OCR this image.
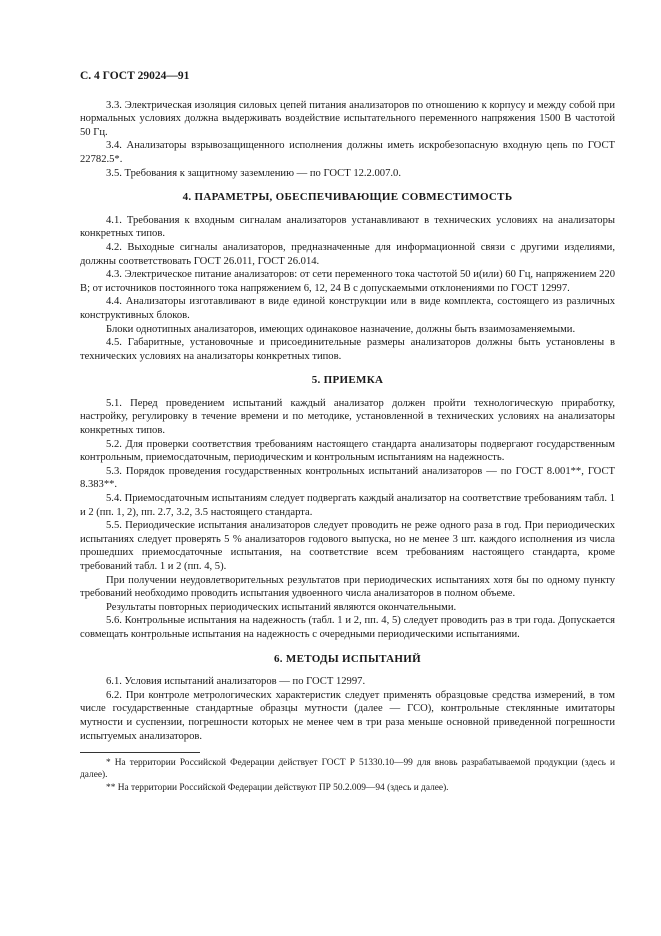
С. 4 ГОСТ 29024—91

3.3. Электрическая изоляция силовых цепей питания анализаторов по отношению к корпусу и между собой при нормальных условиях должна выдерживать воздействие испытательного переменного напряжения 1500 В частотой 50 Гц.

3.4. Анализаторы взрывозащищенного исполнения должны иметь искробезопасную входную цепь по ГОСТ 22782.5*.

3.5. Требования к защитному заземлению — по ГОСТ 12.2.007.0.

4. ПАРАМЕТРЫ, ОБЕСПЕЧИВАЮЩИЕ СОВМЕСТИМОСТЬ

4.1. Требования к входным сигналам анализаторов устанавливают в технических условиях на анализаторы конкретных типов.

4.2. Выходные сигналы анализаторов, предназначенные для информационной связи с другими изделиями, должны соответствовать ГОСТ 26.011, ГОСТ 26.014.

4.3. Электрическое питание анализаторов: от сети переменного тока частотой 50 и(или) 60 Гц, напряжением 220 В; от источников постоянного тока напряжением 6, 12, 24 В с допускаемыми отклонениями по ГОСТ 12997.

4.4. Анализаторы изготавливают в виде единой конструкции или в виде комплекта, состоящего из различных конструктивных блоков.

Блоки однотипных анализаторов, имеющих одинаковое назначение, должны быть взаимозаменяемыми.

4.5. Габаритные, установочные и присоединительные размеры анализаторов должны быть установлены в технических условиях на анализаторы конкретных типов.

5. ПРИЕМКА

5.1. Перед проведением испытаний каждый анализатор должен пройти технологическую приработку, настройку, регулировку в течение времени и по методике, установленной в технических условиях на анализаторы конкретных типов.

5.2. Для проверки соответствия требованиям настоящего стандарта анализаторы подвергают государственным контрольным, приемосдаточным, периодическим и контрольным испытаниям на надежность.

5.3. Порядок проведения государственных контрольных испытаний анализаторов — по ГОСТ 8.001**, ГОСТ 8.383**.

5.4. Приемосдаточным испытаниям следует подвергать каждый анализатор на соответствие требованиям табл. 1 и 2 (пп. 1, 2), пп. 2.7, 3.2, 3.5 настоящего стандарта.

5.5. Периодические испытания анализаторов следует проводить не реже одного раза в год. При периодических испытаниях следует проверять 5 % анализаторов годового выпуска, но не менее 3 шт. каждого исполнения из числа прошедших приемосдаточные испытания, на соответствие всем требованиям настоящего стандарта, кроме требований табл. 1 и 2 (пп. 4, 5).

При получении неудовлетворительных результатов при периодических испытаниях хотя бы по одному пункту требований необходимо проводить испытания удвоенного числа анализаторов в полном объеме.

Результаты повторных периодических испытаний являются окончательными.

5.6. Контрольные испытания на надежность (табл. 1 и 2, пп. 4, 5) следует проводить раз в три года. Допускается совмещать контрольные испытания на надежность с очередными периодическими испытаниями.

6. МЕТОДЫ ИСПЫТАНИЙ

6.1. Условия испытаний анализаторов — по ГОСТ 12997.

6.2. При контроле метрологических характеристик следует применять образцовые средства измерений, в том числе государственные стандартные образцы мутности (далее — ГСО), контрольные стеклянные имитаторы мутности и суспензии, погрешности которых не менее чем в три раза меньше основной приведенной погрешности испытуемых анализаторов.

* На территории Российской Федерации действует ГОСТ Р 51330.10—99 для вновь разрабатываемой продукции (здесь и далее).

** На территории Российской Федерации действуют ПР 50.2.009—94 (здесь и далее).
